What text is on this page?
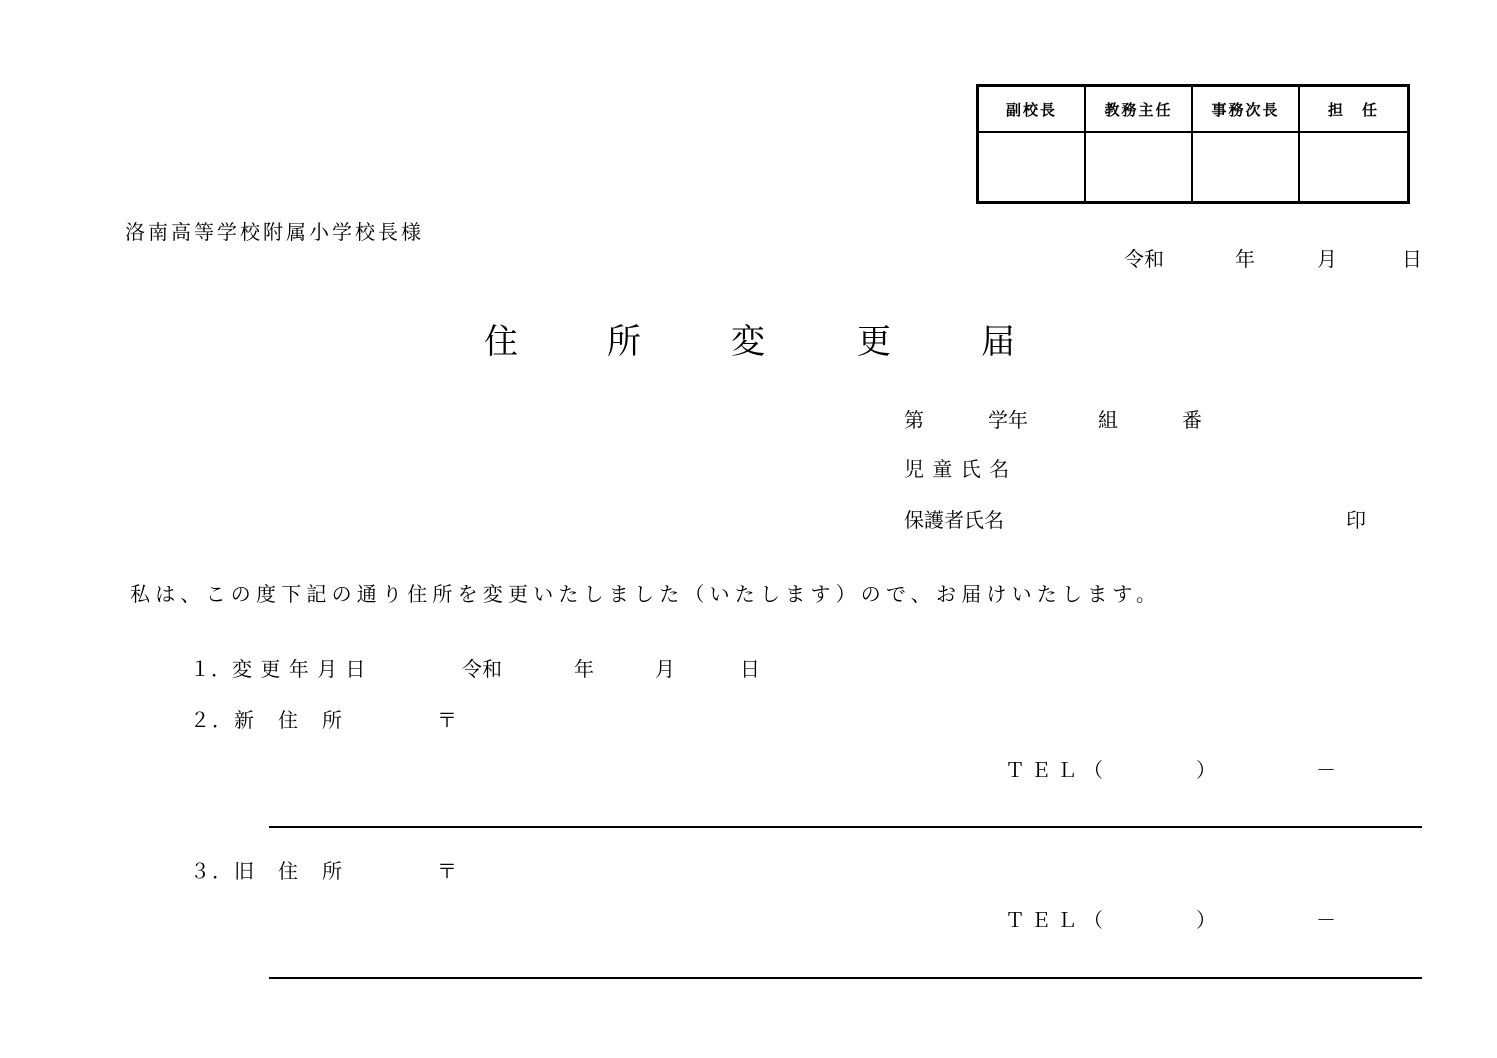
副校長	教務主任	事務次長	担　任
洛南高等学校附属小学校長様
令和	年	月	日
住	所	変	更	届
第	学年	組	番
児 童 氏 名
保護者氏名	印
私は、この度下記の通り住所を変更いたしました（いたします）ので、お届けいたします。
１．変 更 年 月 日	令和	年	月	日
２．新　住　所	〒
ＴＥＬ（	）	－
３．旧　住　所	〒
ＴＥＬ（	）	－
